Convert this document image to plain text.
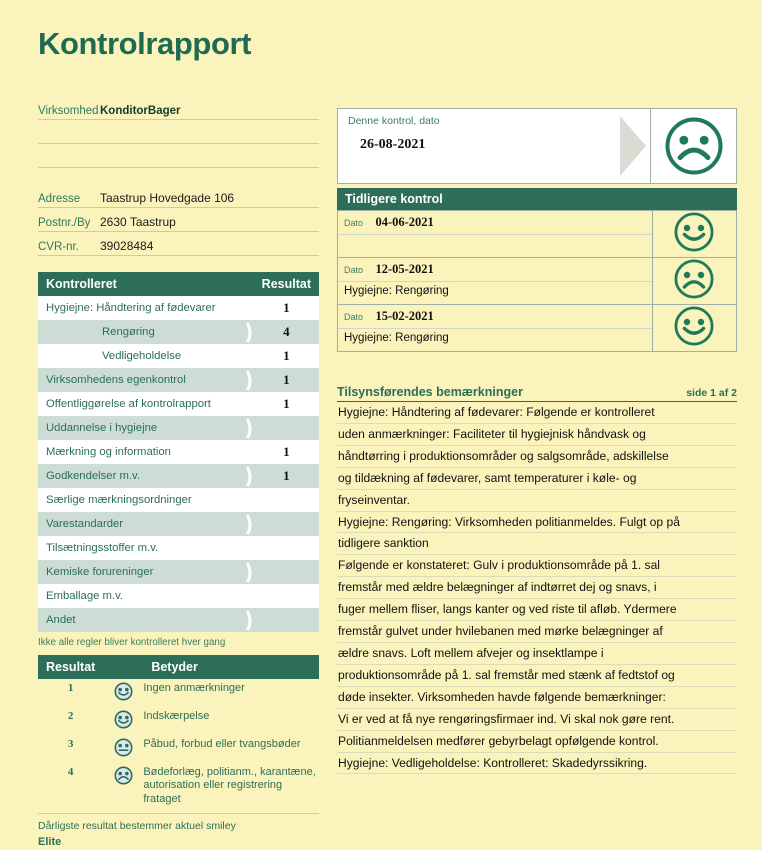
Kontrolrapport
Virksomhed KonditorBager
Adresse	Taastrup Hovedgade 106
Postnr./By 2630 Taastrup
CVR-nr.	39028484
Kontrolleret	Resultat
Hygiejne: Håndtering af fødevarer	1
Rengøring	4
Vedligeholdelse	1
Virksomhedens egenkontrol	1
Offentliggørelse af kontrolrapport	1
Uddannelse i hygiejne

Mærkning og information	1
Godkendelser m.v.	1
Særlige mærkningsordninger

Varestandarder

Tilsætningsstoffer m.v.

Kemiske forureninger

Emballage m.v.

Andet

Ikke alle regler bliver kontrolleret hver gang
Resultat		Betyder
1		Ingen anmærkninger
2		Indskærpelse
3		Påbud, forbud eller tvangsbøder
4		Bødeforlæg, politianm., karantæne, autorisation eller registrering frataget
Dårligste resultat bestemmer aktuel smiley
Elite
Denne kontrol, dato
26-08-2021
Tidligere kontrol
Dato 04-06-2021

Dato 12-05-2021
Hygiejne: Rengøring

Dato 15-02-2021
Hygiejne: Rengøring

Tilsynsførendes bemærkninger	side 1 af 2
Hygiejne: Håndtering af fødevarer: Følgende er kontrolleret
uden anmærkninger: Faciliteter til hygiejnisk håndvask og
håndtørring i produktionsområder og salgsområde, adskillelse
og tildækning af fødevarer, samt temperaturer i køle- og
fryseinventar.
Hygiejne: Rengøring: Virksomheden politianmeldes. Fulgt op på
tidligere sanktion
Følgende er konstateret: Gulv i produktionsområde på 1. sal
fremstår med ældre belægninger af indtørret dej og snavs, i
fuger mellem fliser, langs kanter og ved riste til afløb. Ydermere
fremstår gulvet under hvilebanen med mørke belægninger af
ældre snavs. Loft mellem afvejer og insektlampe i
produktionsområde på 1. sal fremstår med stænk af fedtstof og
døde insekter. Virksomheden havde følgende bemærkninger:
Vi er ved at få nye rengøringsfirmaer ind. Vi skal nok gøre rent.
Politianmeldelsen medfører gebyrbelagt opfølgende kontrol.
Hygiejne: Vedligeholdelse: Kontrolleret: Skadedyrssikring.
